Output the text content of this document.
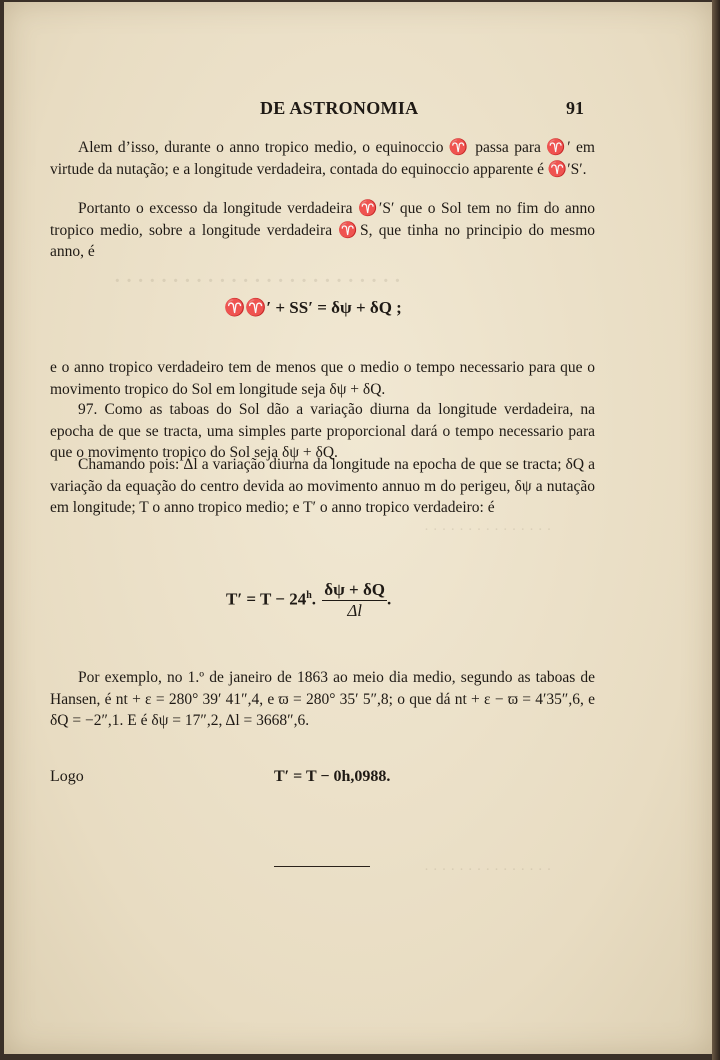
· · · · · · · · · · · · · · · · · · · · · · · · ·
· · · · · · · · · · · · · · ·
· · · · · · · · · · · · · · ·
DE ASTRONOMIA	91
Alem d’isso, durante o anno tropico medio, o equinoccio ♈ passa para ♈′ em virtude da nutação; e a longitude verdadeira, contada do equinoccio apparente é ♈′S′.
Portanto o excesso da longitude verdadeira ♈′S′ que o Sol tem no fim do anno tropico medio, sobre a longitude verdadeira ♈S, que tinha no principio do mesmo anno, é
♈♈′ + SS′ = δψ + δQ ;
e o anno tropico verdadeiro tem de menos que o medio o tempo necessario para que o movimento tropico do Sol em longitude seja δψ + δQ.
97. Como as taboas do Sol dão a variação diurna da longitude verdadeira, na epocha de que se tracta, uma simples parte proporcional dará o tempo necessario para que o movimento tropico do Sol seja δψ + δQ.
Chamando pois: Δl a variação diurna da longitude na epocha de que se tracta; δQ a variação da equação do centro devida ao movimento annuo m do perigeu, δψ a nutação em longitude; T o anno tropico medio; e T′ o anno tropico verdadeiro: é
$T' = T - 24^h$. $\frac{\delta\psi + \delta Q}{\Delta l}$ .
Por exemplo, no 1.º de janeiro de 1863 ao meio dia medio, segundo as taboas de Hansen, é nt + ε = 280° 39′ 41″,4, e ϖ = 280° 35′ 5″,8; o que dá nt + ε − ϖ = 4′35″,6, e δQ = −2″,1. E é δψ = 17″,2, Δl = 3668″,6.
Logo	T′ = T − 0h,0988.
